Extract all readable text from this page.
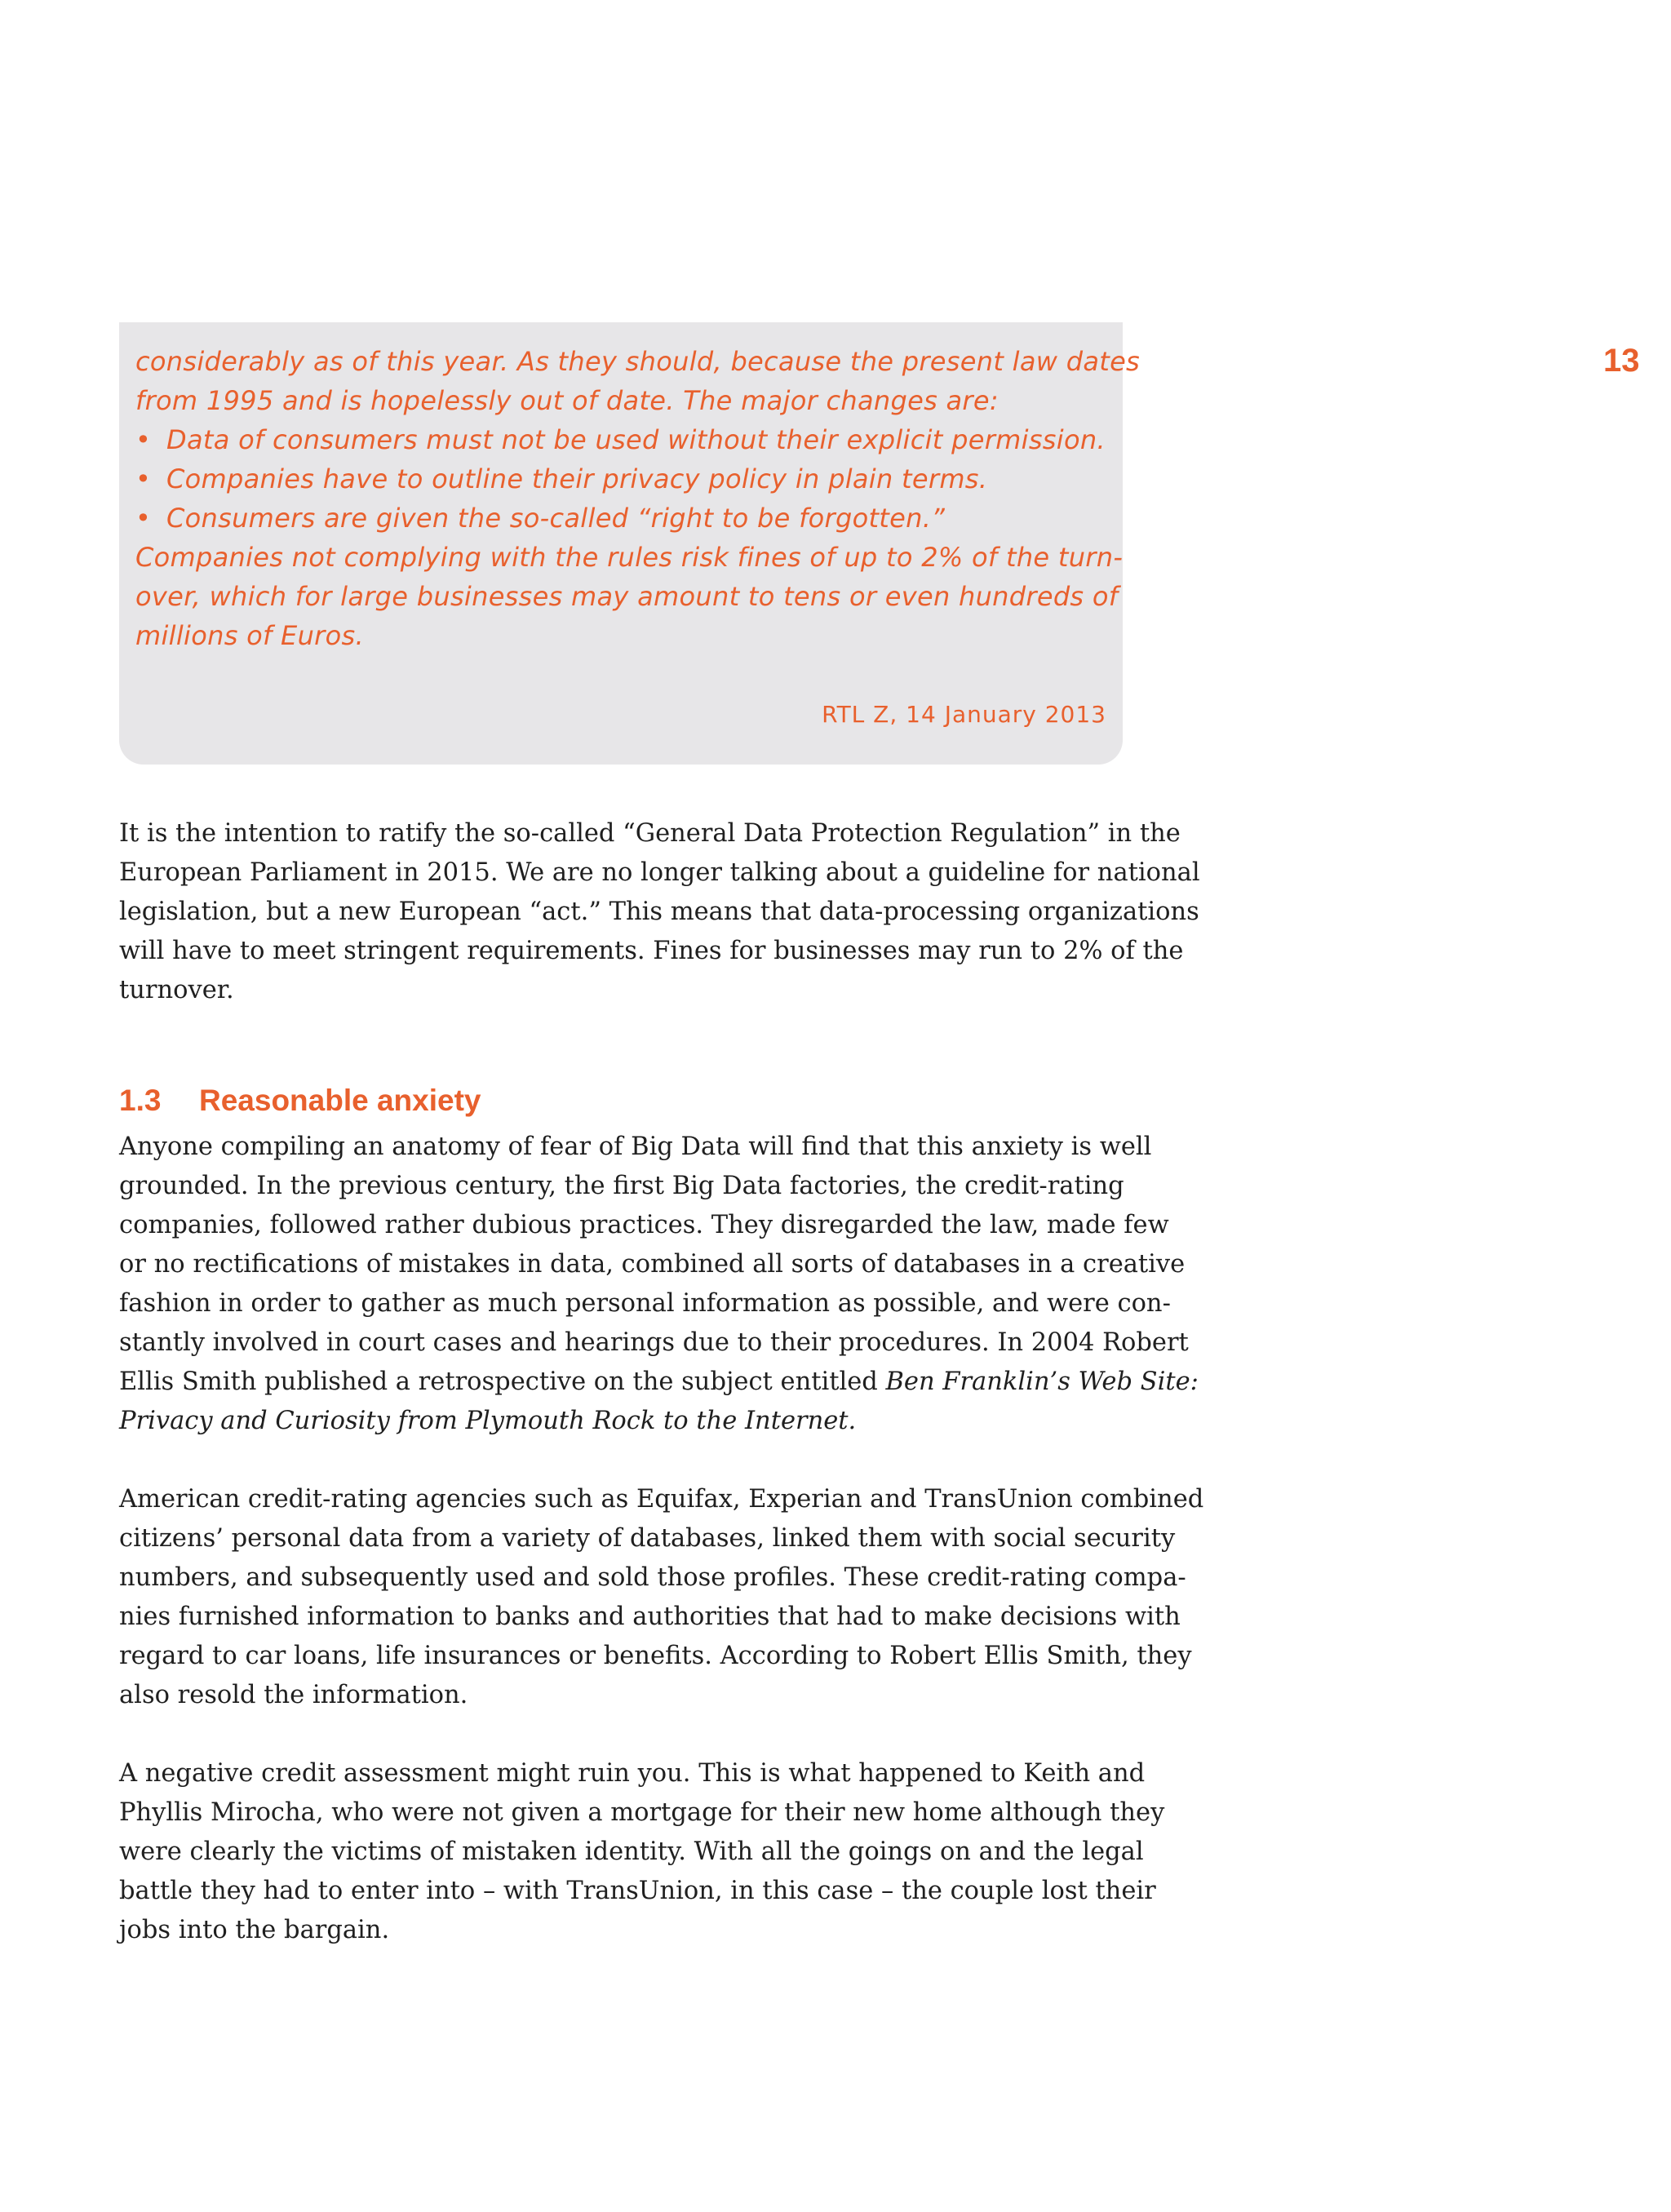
13
considerably as of this year. As they should, because the present law dates
from 1995 and is hopelessly out of date. The major changes are:
• Data of consumers must not be used without their explicit permission.
• Companies have to outline their privacy policy in plain terms.
• Consumers are given the so-called “right to be forgotten.”
Companies not complying with the rules risk fines of up to 2% of the turn-
over, which for large businesses may amount to tens or even hundreds of
millions of Euros.
RTL Z, 14 January 2013
It is the intention to ratify the so-called “General Data Protection Regulation” in the
European Parliament in 2015. We are no longer talking about a guideline for national
legislation, but a new European “act.” This means that data-processing organizations
will have to meet stringent requirements. Fines for businesses may run to 2% of the
turnover.
1.3 Reasonable anxiety
Anyone compiling an anatomy of fear of Big Data will find that this anxiety is well
grounded. In the previous century, the first Big Data factories, the credit-rating
companies, followed rather dubious practices. They disregarded the law, made few
or no rectifications of mistakes in data, combined all sorts of databases in a creative
fashion in order to gather as much personal information as possible, and were con-
stantly involved in court cases and hearings due to their procedures. In 2004 Robert
Ellis Smith published a retrospective on the subject entitled Ben Franklin’s Web Site:
Privacy and Curiosity from Plymouth Rock to the Internet.
American credit-rating agencies such as Equifax, Experian and TransUnion combined
citizens’ personal data from a variety of databases, linked them with social security
numbers, and subsequently used and sold those profiles. These credit-rating compa-
nies furnished information to banks and authorities that had to make decisions with
regard to car loans, life insurances or benefits. According to Robert Ellis Smith, they
also resold the information.
A negative credit assessment might ruin you. This is what happened to Keith and
Phyllis Mirocha, who were not given a mortgage for their new home although they
were clearly the victims of mistaken identity. With all the goings on and the legal
battle they had to enter into – with TransUnion, in this case – the couple lost their
jobs into the bargain.
